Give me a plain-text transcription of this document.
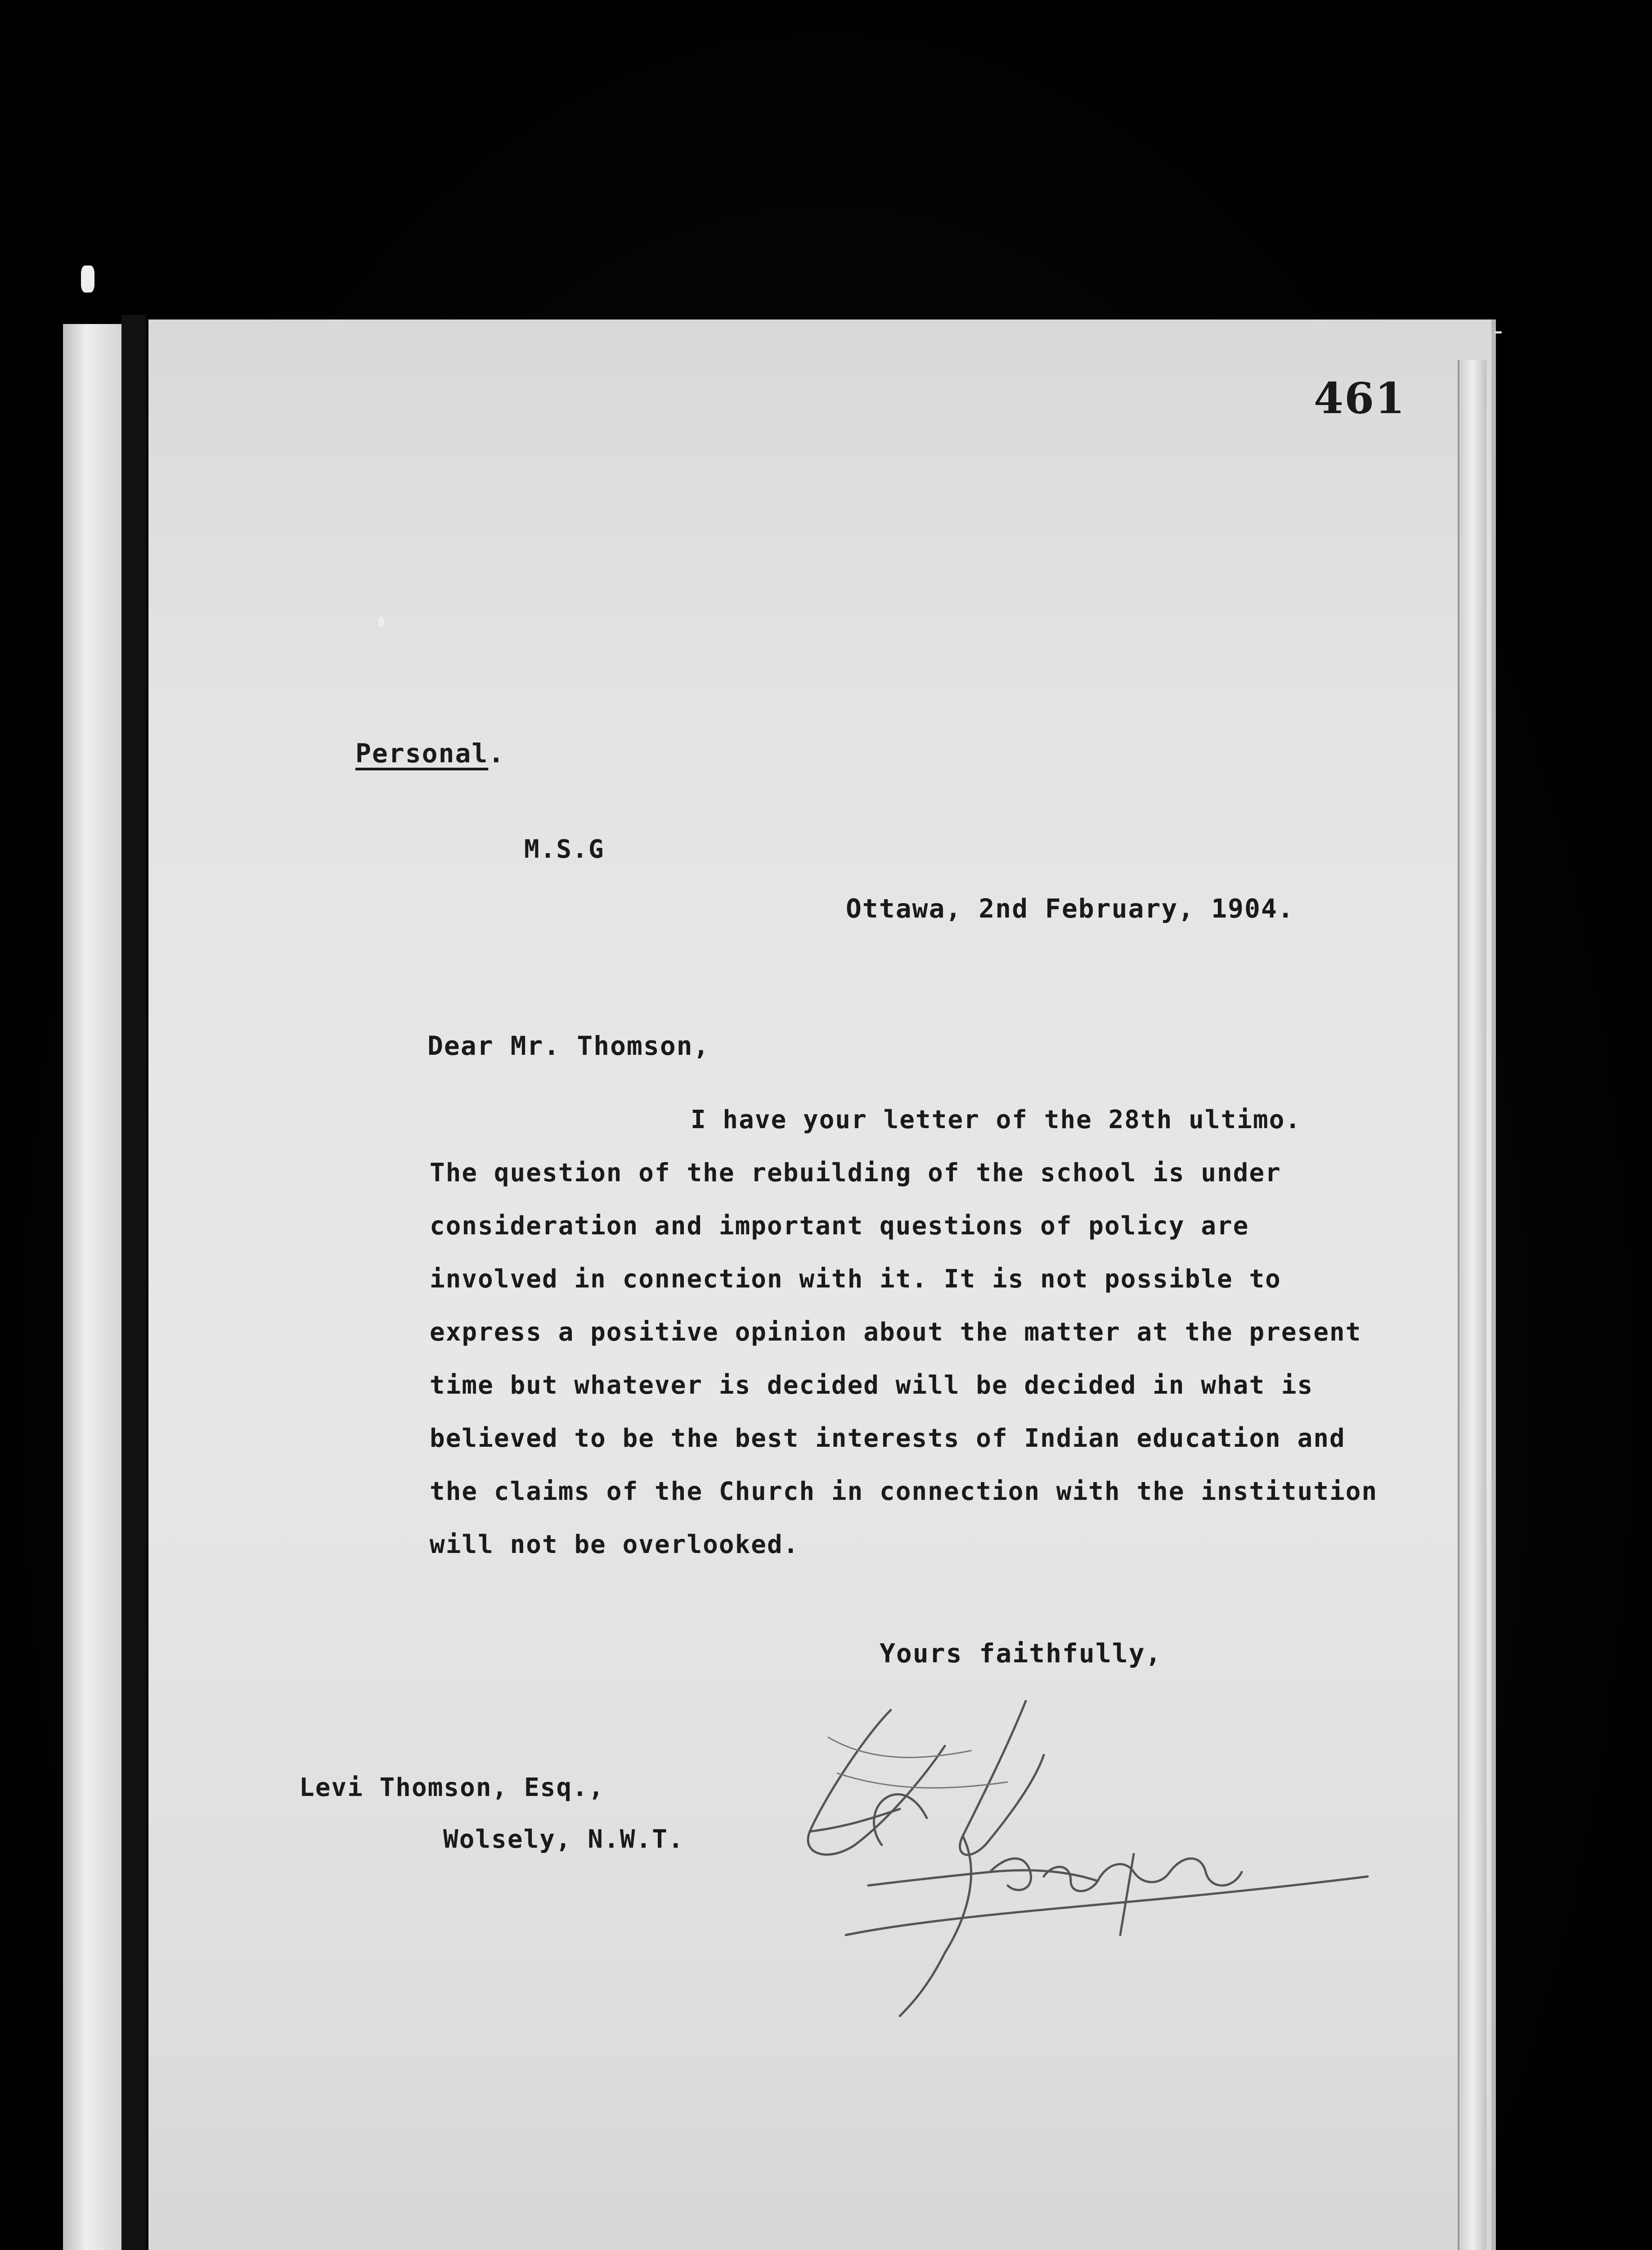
- -
461
Personal.
M.S.G
Ottawa, 2nd February, 1904.
Dear Mr. Thomson,
I have your letter of the 28th ultimo.
The question of the rebuilding of the school is under
consideration and important questions of policy are
involved in connection with it. It is not possible to
express a positive opinion about the matter at the present
time but whatever is decided will be decided in what is
believed to be the best interests of Indian education and
the claims of the Church in connection with the institution
will not be overlooked.
Yours faithfully,
Levi Thomson, Esq.,
Wolsely, N.W.T.
